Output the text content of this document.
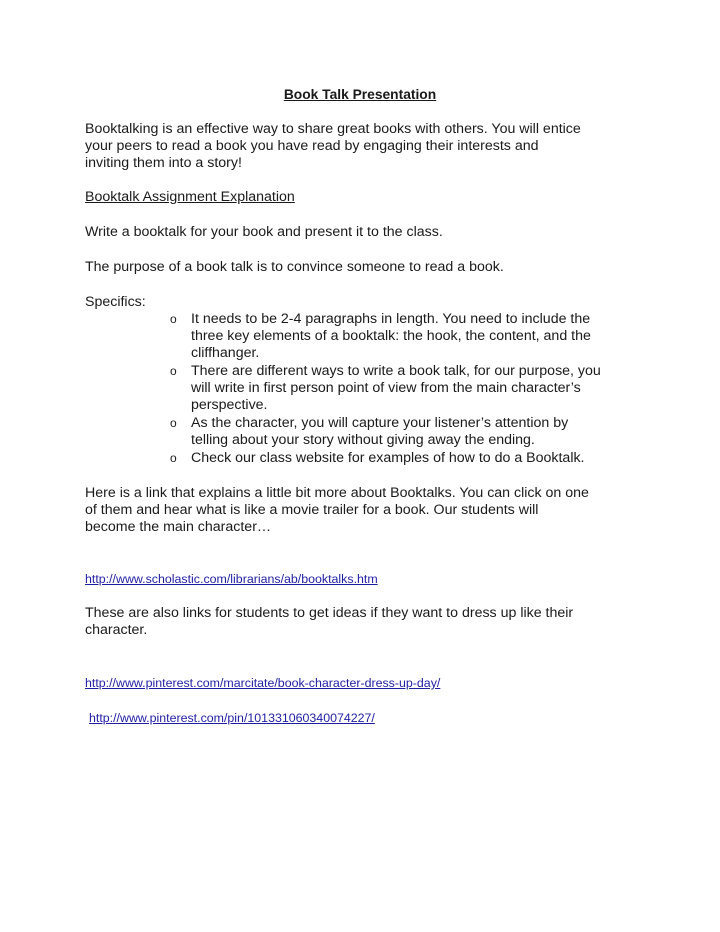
Book Talk Presentation
Booktalking is an effective way to share great books with others. You will entice
your peers to read a book you have read by engaging their interests and
inviting them into a story!
Booktalk Assignment Explanation
Write a booktalk for your book and present it to the class.
The purpose of a book talk is to convince someone to read a book.
Specifics:
o It needs to be 2-4 paragraphs in length. You need to include the
three key elements of a booktalk: the hook, the content, and the
cliffhanger.
o There are different ways to write a book talk, for our purpose, you
will write in first person point of view from the main character’s
perspective.
o As the character, you will capture your listener’s attention by
telling about your story without giving away the ending.
o Check our class website for examples of how to do a Booktalk.
Here is a link that explains a little bit more about Booktalks. You can click on one
of them and hear what is like a movie trailer for a book. Our students will
become the main character…
http://www.scholastic.com/librarians/ab/booktalks.htm
These are also links for students to get ideas if they want to dress up like their
character.
http://www.pinterest.com/marcitate/book-character-dress-up-day/
http://www.pinterest.com/pin/101331060340074227/
